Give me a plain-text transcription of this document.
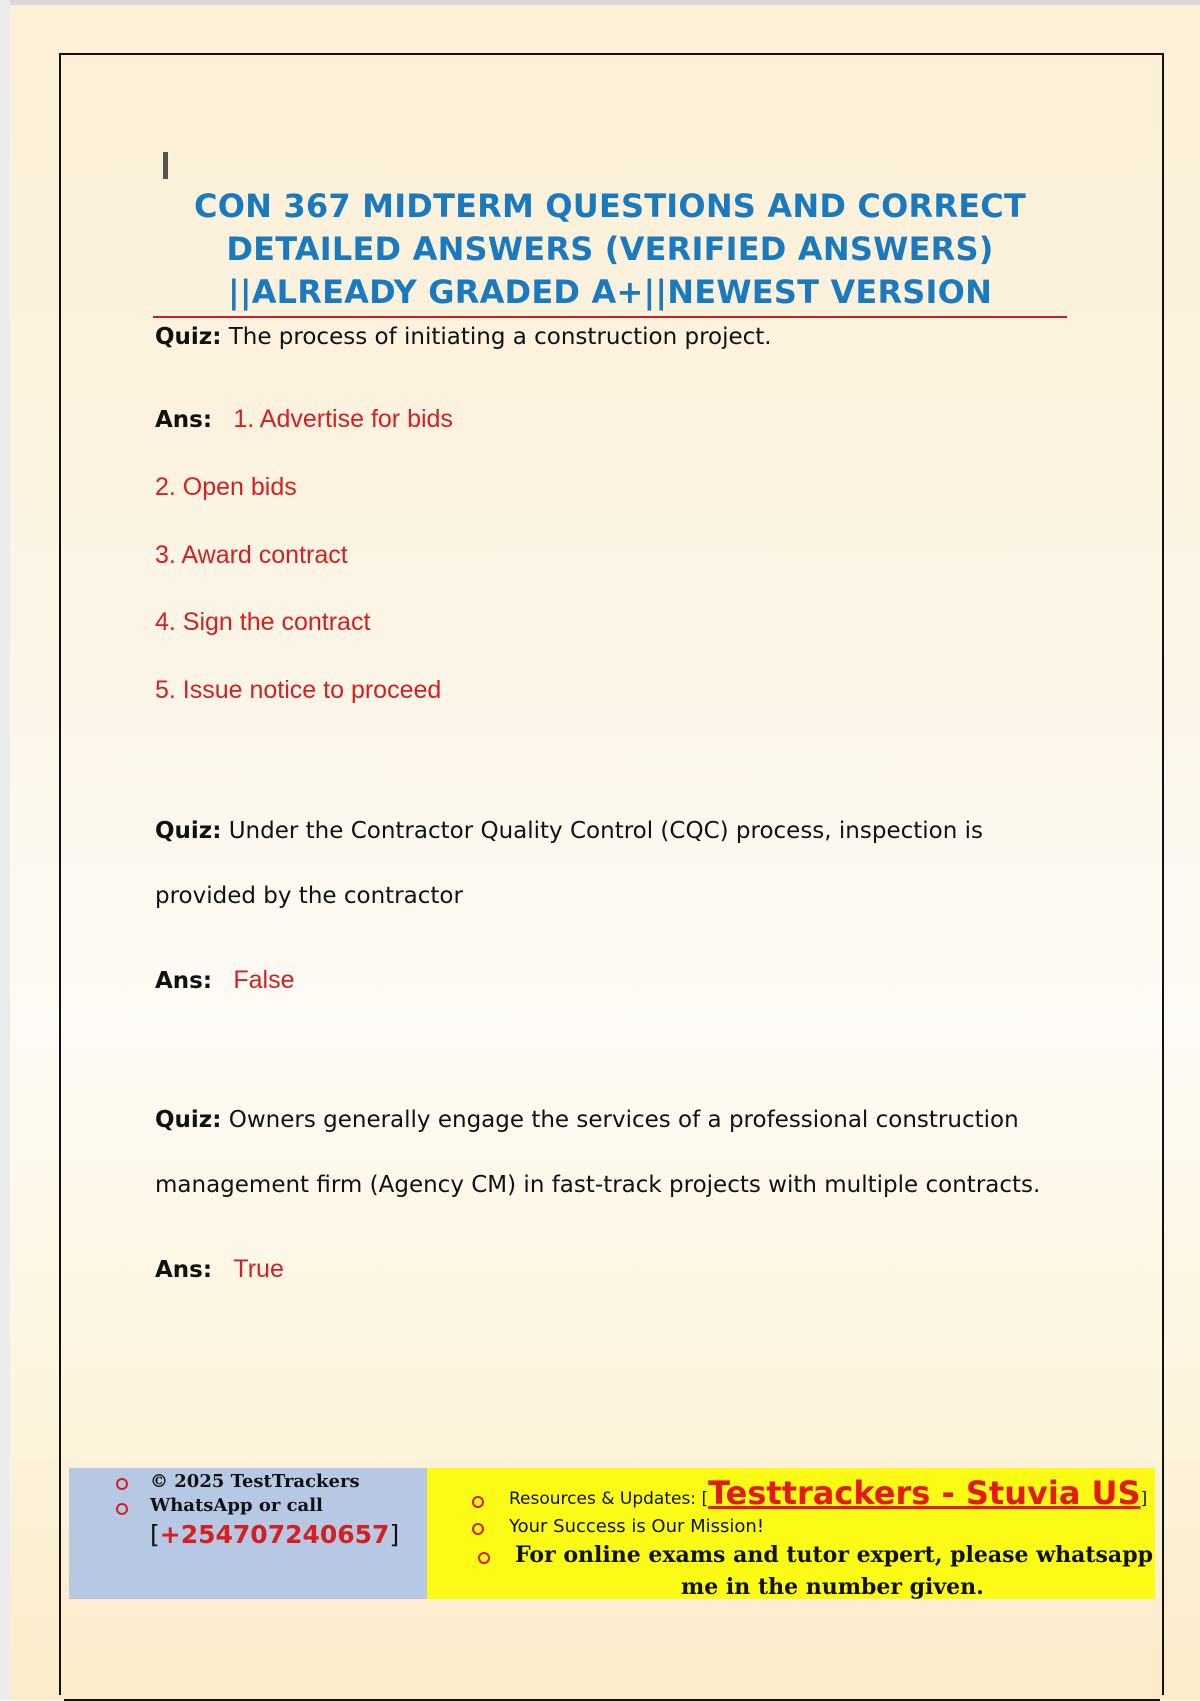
CON 367 MIDTERM QUESTIONS AND CORRECT DETAILED ANSWERS (VERIFIED ANSWERS) ||ALREADY GRADED A+||NEWEST VERSION
Quiz: The process of initiating a construction project.
Ans: 1. Advertise for bids
2. Open bids
3. Award contract
4. Sign the contract
5. Issue notice to proceed
Quiz: Under the Contractor Quality Control (CQC) process, inspection is
provided by the contractor
Ans: False
Quiz: Owners generally engage the services of a professional construction
management firm (Agency CM) in fast-track projects with multiple contracts.
Ans: True
© 2025 TestTrackers
WhatsApp or call
[+254707240657]
Resources & Updates: [Testtrackers - Stuvia US]
Your Success is Our Mission!
For online exams and tutor expert, please whatsapp
me in the number given.
